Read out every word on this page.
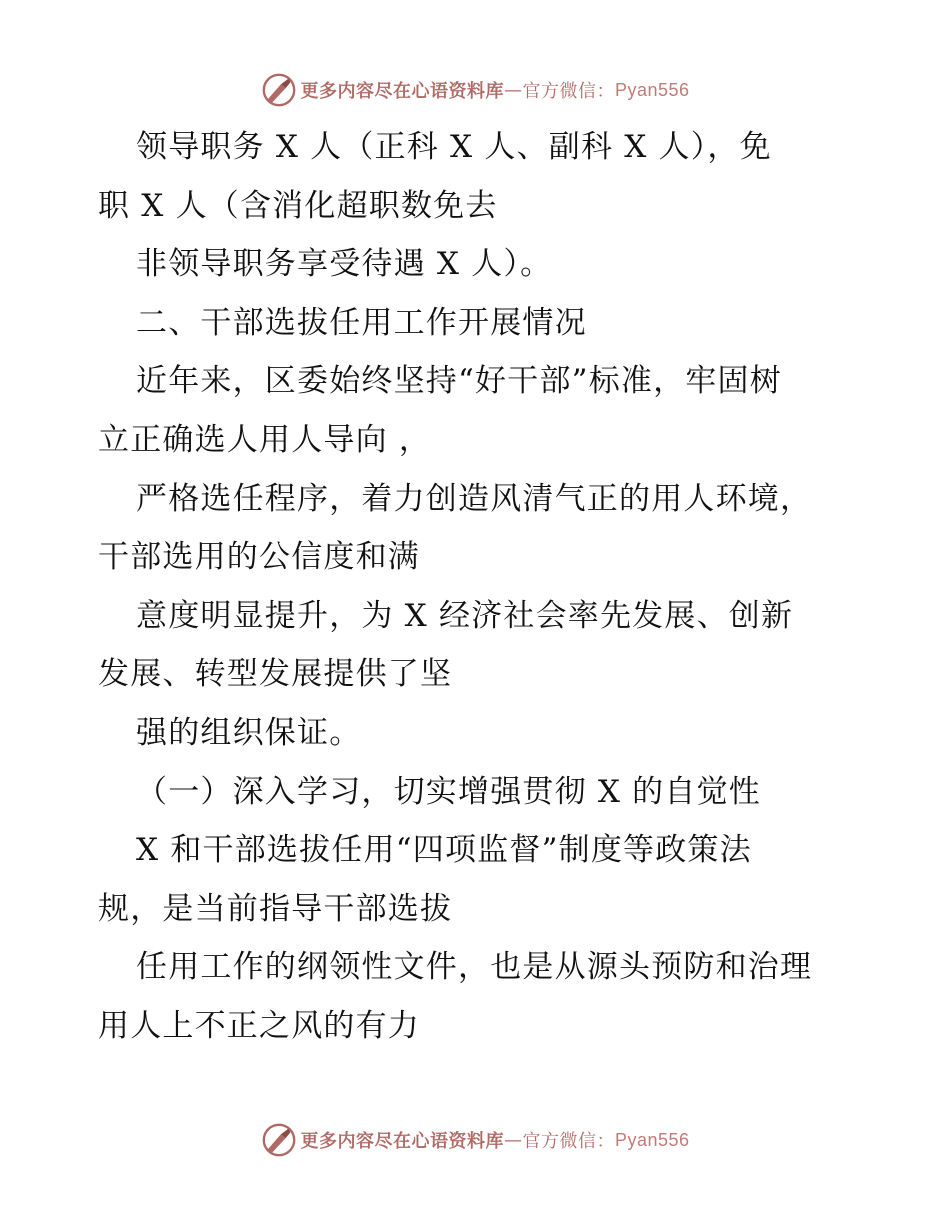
更多内容尽在心语资料库 — 官方微信： Pyan556
领导职务 X 人（正科 X 人、副科 X 人），免
职 X 人（含消化超职数免去
非领导职务享受待遇 X 人）。
二、干部选拔任用工作开展情况
近年来，区委始终坚持“好干部”标准，牢固树
立正确选人用人导向 ，
严格选任程序，着力创造风清气正的用人环境，
干部选用的公信度和满
意度明显提升，为 X 经济社会率先发展、创新
发展、转型发展提供了坚
强的组织保证。
（一）深入学习，切实增强贯彻 X 的自觉性
X 和干部选拔任用“四项监督”制度等政策法
规，是当前指导干部选拔
任用工作的纲领性文件，也是从源头预防和治理
用人上不正之风的有力
更多内容尽在心语资料库 — 官方微信： Pyan556
